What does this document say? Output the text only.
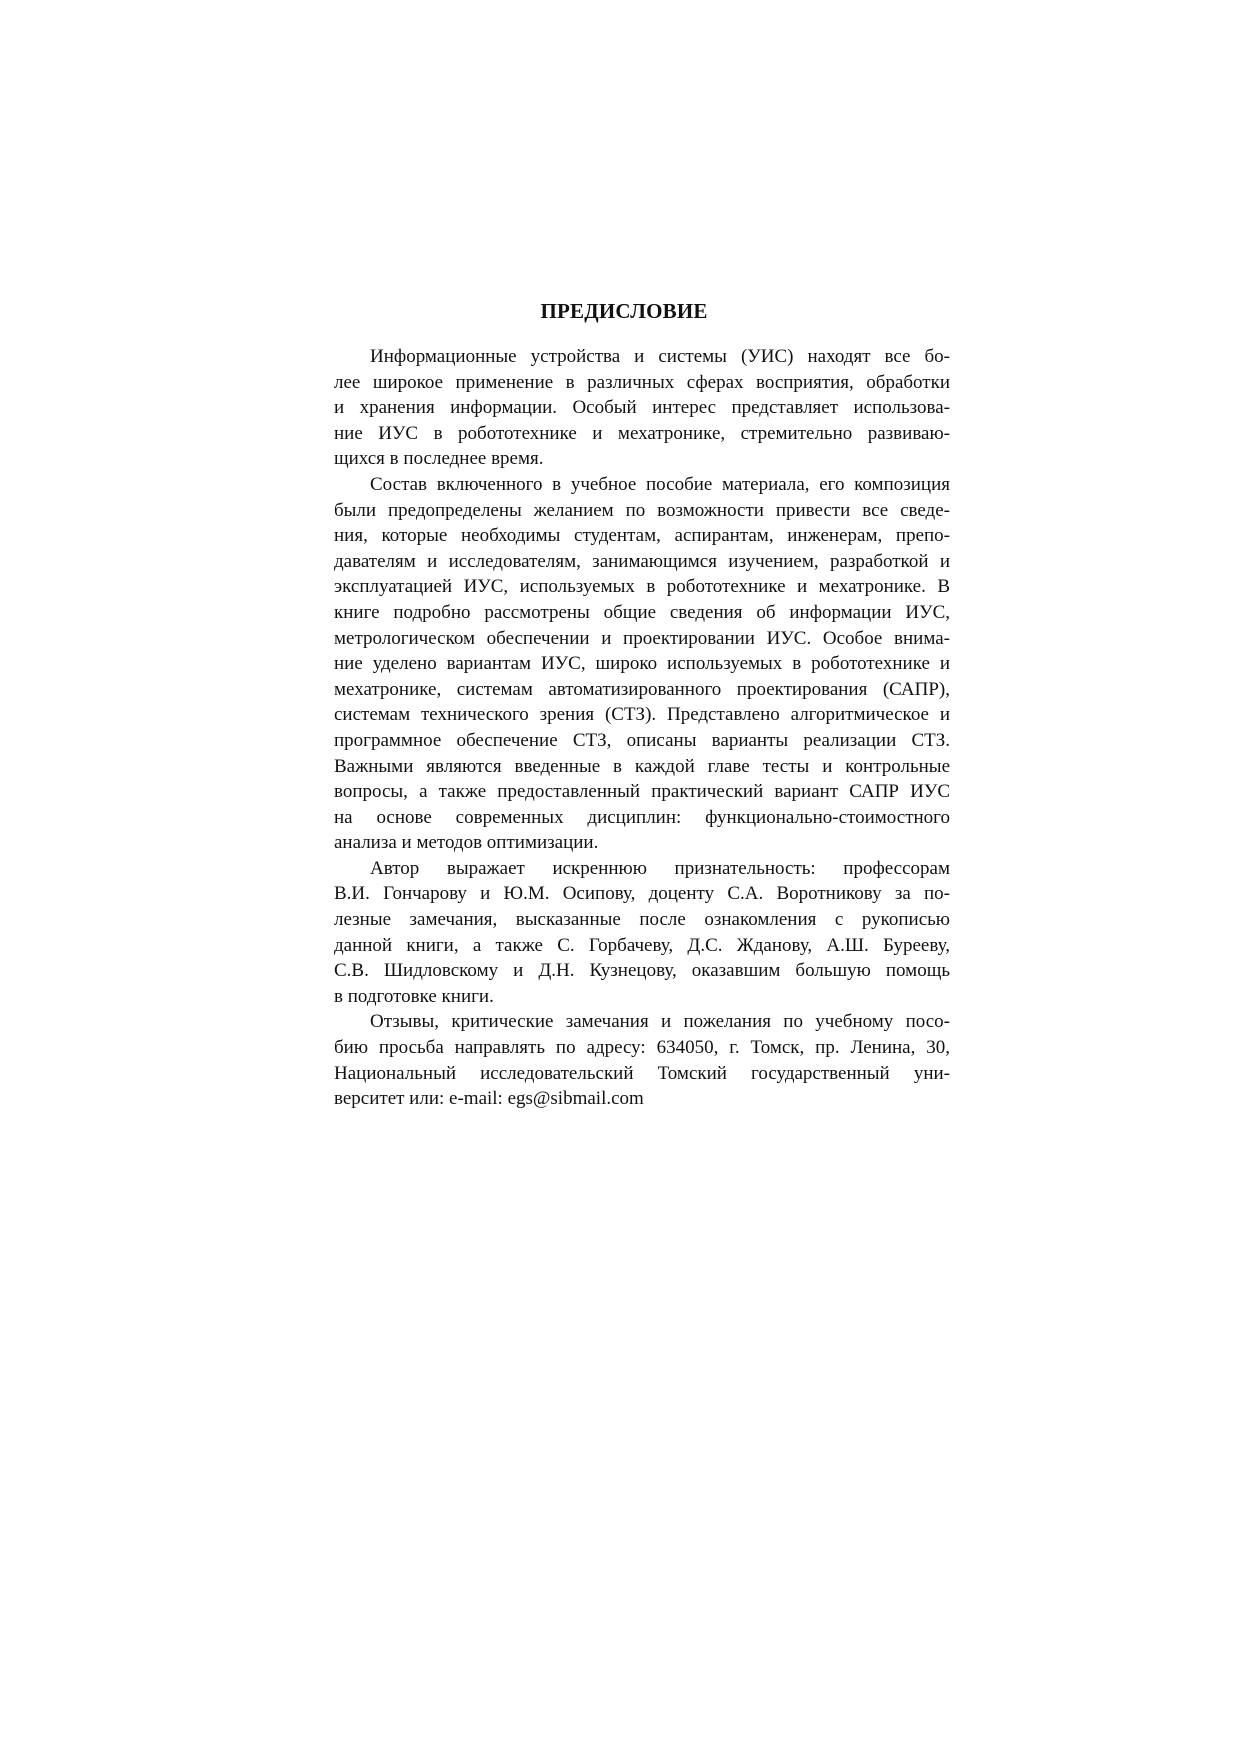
ПРЕДИСЛОВИЕ

Информационные устройства и системы (УИС) находят все бо-
лее широкое применение в различных сферах восприятия, обработки
и хранения информации. Особый интерес представляет использова-
ние ИУС в робототехнике и мехатронике, стремительно развиваю-
щихся в последнее время.

Состав включенного в учебное пособие материала, его композиция
были предопределены желанием по возможности привести все сведе-
ния, которые необходимы студентам, аспирантам, инженерам, препо-
давателям и исследователям, занимающимся изучением, разработкой и
эксплуатацией ИУС, используемых в робототехнике и мехатронике. В
книге подробно рассмотрены общие сведения об информации ИУС,
метрологическом обеспечении и проектировании ИУС. Особое внима-
ние уделено вариантам ИУС, широко используемых в робототехнике и
мехатронике, системам автоматизированного проектирования (САПР),
системам технического зрения (СТЗ). Представлено алгоритмическое и
программное обеспечение СТЗ, описаны варианты реализации СТЗ.
Важными являются введенные в каждой главе тесты и контрольные
вопросы, а также предоставленный практический вариант САПР ИУС
на основе современных дисциплин: функционально-стоимостного
анализа и методов оптимизации.

Автор выражает искреннюю признательность: профессорам
В.И. Гончарову и Ю.М. Осипову, доценту С.А. Воротникову за по-
лезные замечания, высказанные после ознакомления с рукописью
данной книги, а также С. Горбачеву, Д.С. Жданову, А.Ш. Бурееву,
С.В. Шидловскому и Д.Н. Кузнецову, оказавшим большую помощь
в подготовке книги.

Отзывы, критические замечания и пожелания по учебному посо-
бию просьба направлять по адресу: 634050, г. Томск, пр. Ленина, 30,
Национальный исследовательский Томский государственный уни-
верситет или: e-mail: egs@sibmail.com
